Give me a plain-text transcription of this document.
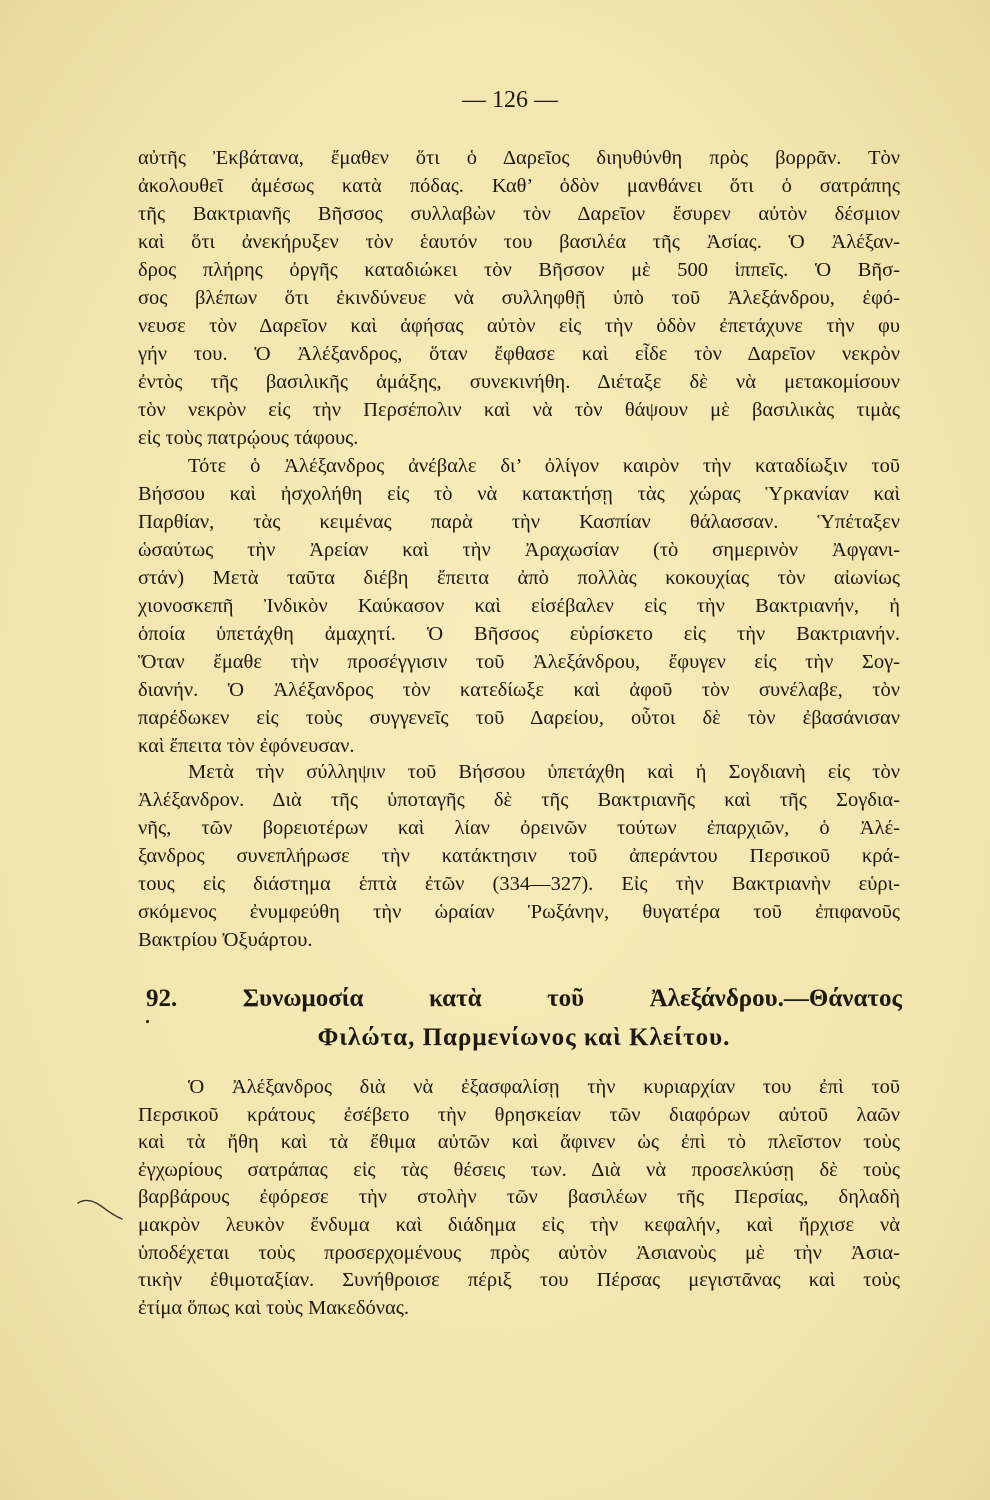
— 126 —
αὐτῆς Ἐκβάτανα, ἔμαθεν ὅτι ὁ Δαρεῖος διηυθύνθη πρὸς βορρᾶν. Τὸν
ἀκολουθεῖ ἀμέσως κατὰ πόδας. Καθ’ ὁδὸν μανθάνει ὅτι ὁ σατράπης
τῆς Βακτριανῆς Βῆσσος συλλαβὼν τὸν Δαρεῖον ἔσυρεν αὐτὸν δέσμιον
καὶ ὅτι ἀνεκήρυξεν τὸν ἑαυτόν του βασιλέα τῆς Ἀσίας. Ὁ Ἀλέξαν-
δρος πλήρης ὀργῆς καταδιώκει τὸν Βῆσσον μὲ 500 ἱππεῖς. Ὁ Βῆσ-
σος βλέπων ὅτι ἐκινδύνευε νὰ συλληφθῇ ὑπὸ τοῦ Ἀλεξάνδρου, ἐφό-
νευσε τὸν Δαρεῖον καὶ ἀφήσας αὐτὸν εἰς τὴν ὁδὸν ἐπετάχυνε τὴν φυ
γήν του. Ὁ Ἀλέξανδρος, ὅταν ἔφθασε καὶ εἶδε τὸν Δαρεῖον νεκρὸν
ἐντὸς τῆς βασιλικῆς ἁμάξης, συνεκινήθη. Διέταξε δὲ νὰ μετακομίσουν
τὸν νεκρὸν εἰς τὴν Περσέπολιν καὶ νὰ τὸν θάψουν μὲ βασιλικὰς τιμὰς
εἰς τοὺς πατρῴους τάφους.
Τότε ὁ Ἀλέξανδρος ἀνέβαλε δι’ ὀλίγον καιρὸν τὴν καταδίωξιν τοῦ
Βήσσου καὶ ἠσχολήθη εἰς τὸ νὰ κατακτήσῃ τὰς χώρας Ὑρκανίαν καὶ
Παρθίαν, τὰς κειμένας παρὰ τὴν Κασπίαν θάλασσαν. Ὑπέταξεν
ὡσαύτως τὴν Ἀρείαν καὶ τὴν Ἀραχωσίαν (τὸ σημερινὸν Ἀφγανι-
στάν) Μετὰ ταῦτα διέβη ἔπειτα ἀπὸ πολλὰς κοκουχίας τὸν αἰωνίως
χιονοσκεπῆ Ἰνδικὸν Καύκασον καὶ εἰσέβαλεν εἰς τὴν Βακτριανήν, ἡ
ὁποία ὑπετάχθη ἀμαχητί. Ὁ Βῆσσος εὑρίσκετο εἰς τὴν Βακτριανήν.
Ὅταν ἔμαθε τὴν προσέγγισιν τοῦ Ἀλεξάνδρου, ἔφυγεν εἰς τὴν Σογ-
διανήν. Ὁ Ἀλέξανδρος τὸν κατεδίωξε καὶ ἀφοῦ τὸν συνέλαβε, τὸν
παρέδωκεν εἰς τοὺς συγγενεῖς τοῦ Δαρείου, οὗτοι δὲ τὸν ἐβασάνισαν
καὶ ἔπειτα τὸν ἐφόνευσαν.
Μετὰ τὴν σύλληψιν τοῦ Βήσσου ὑπετάχθη καὶ ἡ Σογδιανὴ εἰς τὸν
Ἀλέξανδρον. Διὰ τῆς ὑποταγῆς δὲ τῆς Βακτριανῆς καὶ τῆς Σογδια-
νῆς, τῶν βορειοτέρων καὶ λίαν ὀρεινῶν τούτων ἐπαρχιῶν, ὁ Ἀλέ-
ξανδρος συνεπλήρωσε τὴν κατάκτησιν τοῦ ἀπεράντου Περσικοῦ κρά-
τους εἰς διάστημα ἑπτὰ ἐτῶν (334—327). Εἰς τὴν Βακτριανὴν εὑρι-
σκόμενος ἐνυμφεύθη τὴν ὡραίαν Ῥωξάνην, θυγατέρα τοῦ ἐπιφανοῦς
Βακτρίου Ὀξυάρτου.
92. Συνωμοσία κατὰ τοῦ Ἀλεξάνδρου.—Θάνατος
Φιλώτα, Παρμενίωνος καὶ Κλείτου.
Ὁ Ἀλέξανδρος διὰ νὰ ἐξασφαλίσῃ τὴν κυριαρχίαν του ἐπὶ τοῦ
Περσικοῦ κράτους ἐσέβετο τὴν θρησκείαν τῶν διαφόρων αὐτοῦ λαῶν
καὶ τὰ ἤθη καὶ τὰ ἔθιμα αὐτῶν καὶ ἄφινεν ὡς ἐπὶ τὸ πλεῖστον τοὺς
ἐγχωρίους σατράπας εἰς τὰς θέσεις των. Διὰ νὰ προσελκύσῃ δὲ τοὺς
βαρβάρους ἐφόρεσε τὴν στολὴν τῶν βασιλέων τῆς Περσίας, δηλαδὴ
μακρὸν λευκὸν ἔνδυμα καὶ διάδημα εἰς τὴν κεφαλήν, καὶ ἤρχισε νὰ
ὑποδέχεται τοὺς προσερχομένους πρὸς αὐτὸν Ἀσιανοὺς μὲ τὴν Ἀσια-
τικὴν ἐθιμοταξίαν. Συνήθροισε πέριξ του Πέρσας μεγιστᾶνας καὶ τοὺς
ἐτίμα ὅπως καὶ τοὺς Μακεδόνας.
